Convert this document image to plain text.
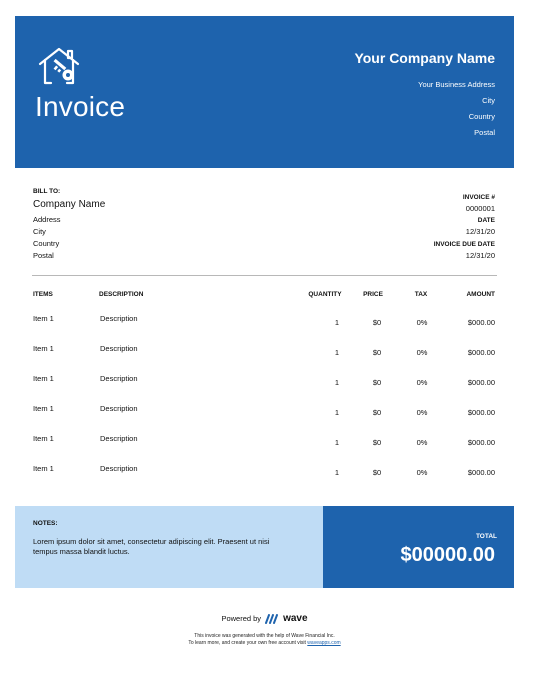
Invoice
Your Company Name
Your Business Address
City
Country
Postal
BILL TO:
Company Name
Address
City
Country
Postal
INVOICE #
0000001
DATE
12/31/20
INVOICE DUE DATE
12/31/20
ITEMS	DESCRIPTION	QUANTITY	PRICE	TAX	AMOUNT
Item 1	Description	1	$0	0%	$000.00
Item 1	Description	1	$0	0%	$000.00
Item 1	Description	1	$0	0%	$000.00
Item 1	Description	1	$0	0%	$000.00
Item 1	Description	1	$0	0%	$000.00
Item 1	Description	1	$0	0%	$000.00
NOTES:
Lorem ipsum dolor sit amet, consectetur adipiscing elit. Praesent ut nisi tempus massa blandit luctus.
TOTAL
$00000.00
Powered by wave
This invoice was generated with the help of Wave Financial Inc.
To learn more, and create your own free account visit waveapps.com
